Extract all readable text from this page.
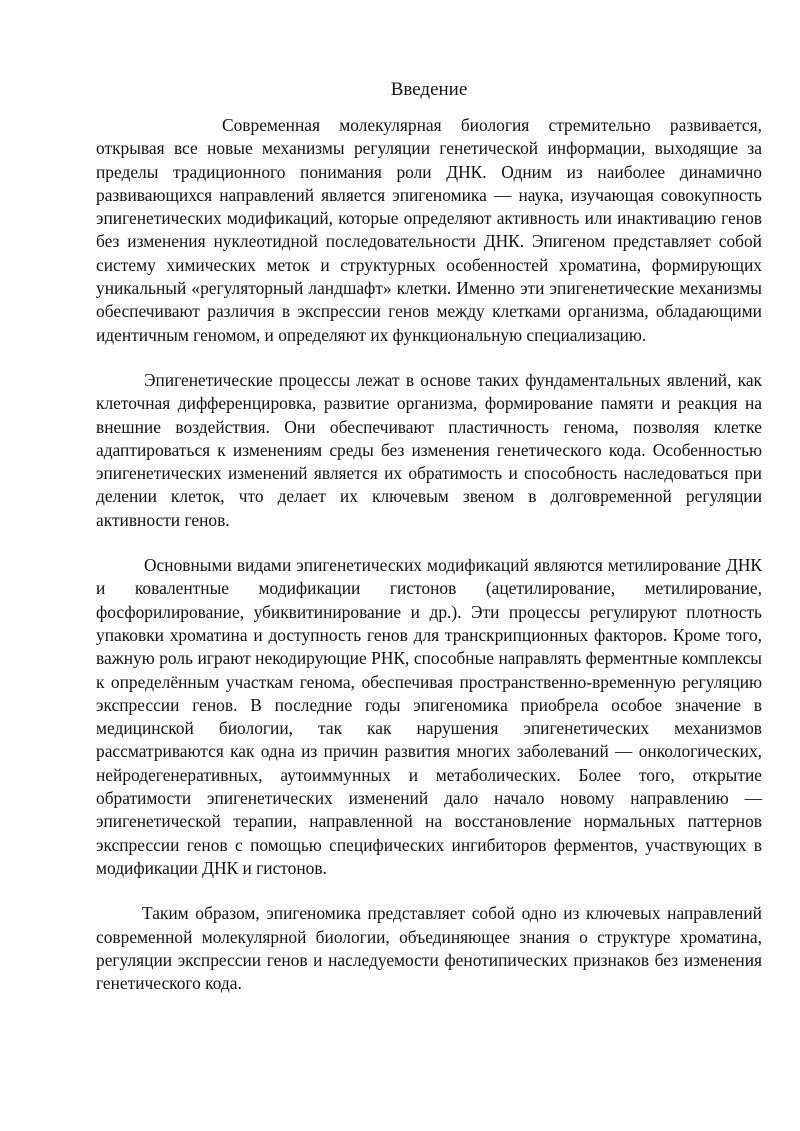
Введение

Современная молекулярная биология стремительно развивается, открывая все новые механизмы регуляции генетической информации, выходящие за пределы традиционного понимания роли ДНК. Одним из наиболее динамично развивающихся направлений является эпигеномика — наука, изучающая совокупность эпигенетических модификаций, которые определяют активность или инактивацию генов без изменения нуклеотидной последовательности ДНК. Эпигеном представляет собой систему химических меток и структурных особенностей хроматина, формирующих уникальный «регуляторный ландшафт» клетки. Именно эти эпигенетические механизмы обеспечивают различия в экспрессии генов между клетками организма, обладающими идентичным геномом, и определяют их функциональную специализацию.

Эпигенетические процессы лежат в основе таких фундаментальных явлений, как клеточная дифференцировка, развитие организма, формирование памяти и реакция на внешние воздействия. Они обеспечивают пластичность генома, позволяя клетке адаптироваться к изменениям среды без изменения генетического кода. Особенностью эпигенетических изменений является их обратимость и способность наследоваться при делении клеток, что делает их ключевым звеном в долговременной регуляции активности генов.

Основными видами эпигенетических модификаций являются метилирование ДНК и ковалентные модификации гистонов (ацетилирование, метилирование, фосфорилирование, убиквитинирование и др.). Эти процессы регулируют плотность упаковки хроматина и доступность генов для транскрипционных факторов. Кроме того, важную роль играют некодирующие РНК, способные направлять ферментные комплексы к определённым участкам генома, обеспечивая пространственно-временную регуляцию экспрессии генов. В последние годы эпигеномика приобрела особое значение в медицинской биологии, так как нарушения эпигенетических механизмов рассматриваются как одна из причин развития многих заболеваний — онкологических, нейродегенеративных, аутоиммунных и метаболических. Более того, открытие обратимости эпигенетических изменений дало начало новому направлению — эпигенетической терапии, направленной на восстановление нормальных паттернов экспрессии генов с помощью специфических ингибиторов ферментов, участвующих в модификации ДНК и гистонов.

Таким образом, эпигеномика представляет собой одно из ключевых направлений современной молекулярной биологии, объединяющее знания о структуре хроматина, регуляции экспрессии генов и наследуемости фенотипических признаков без изменения генетического кода.
